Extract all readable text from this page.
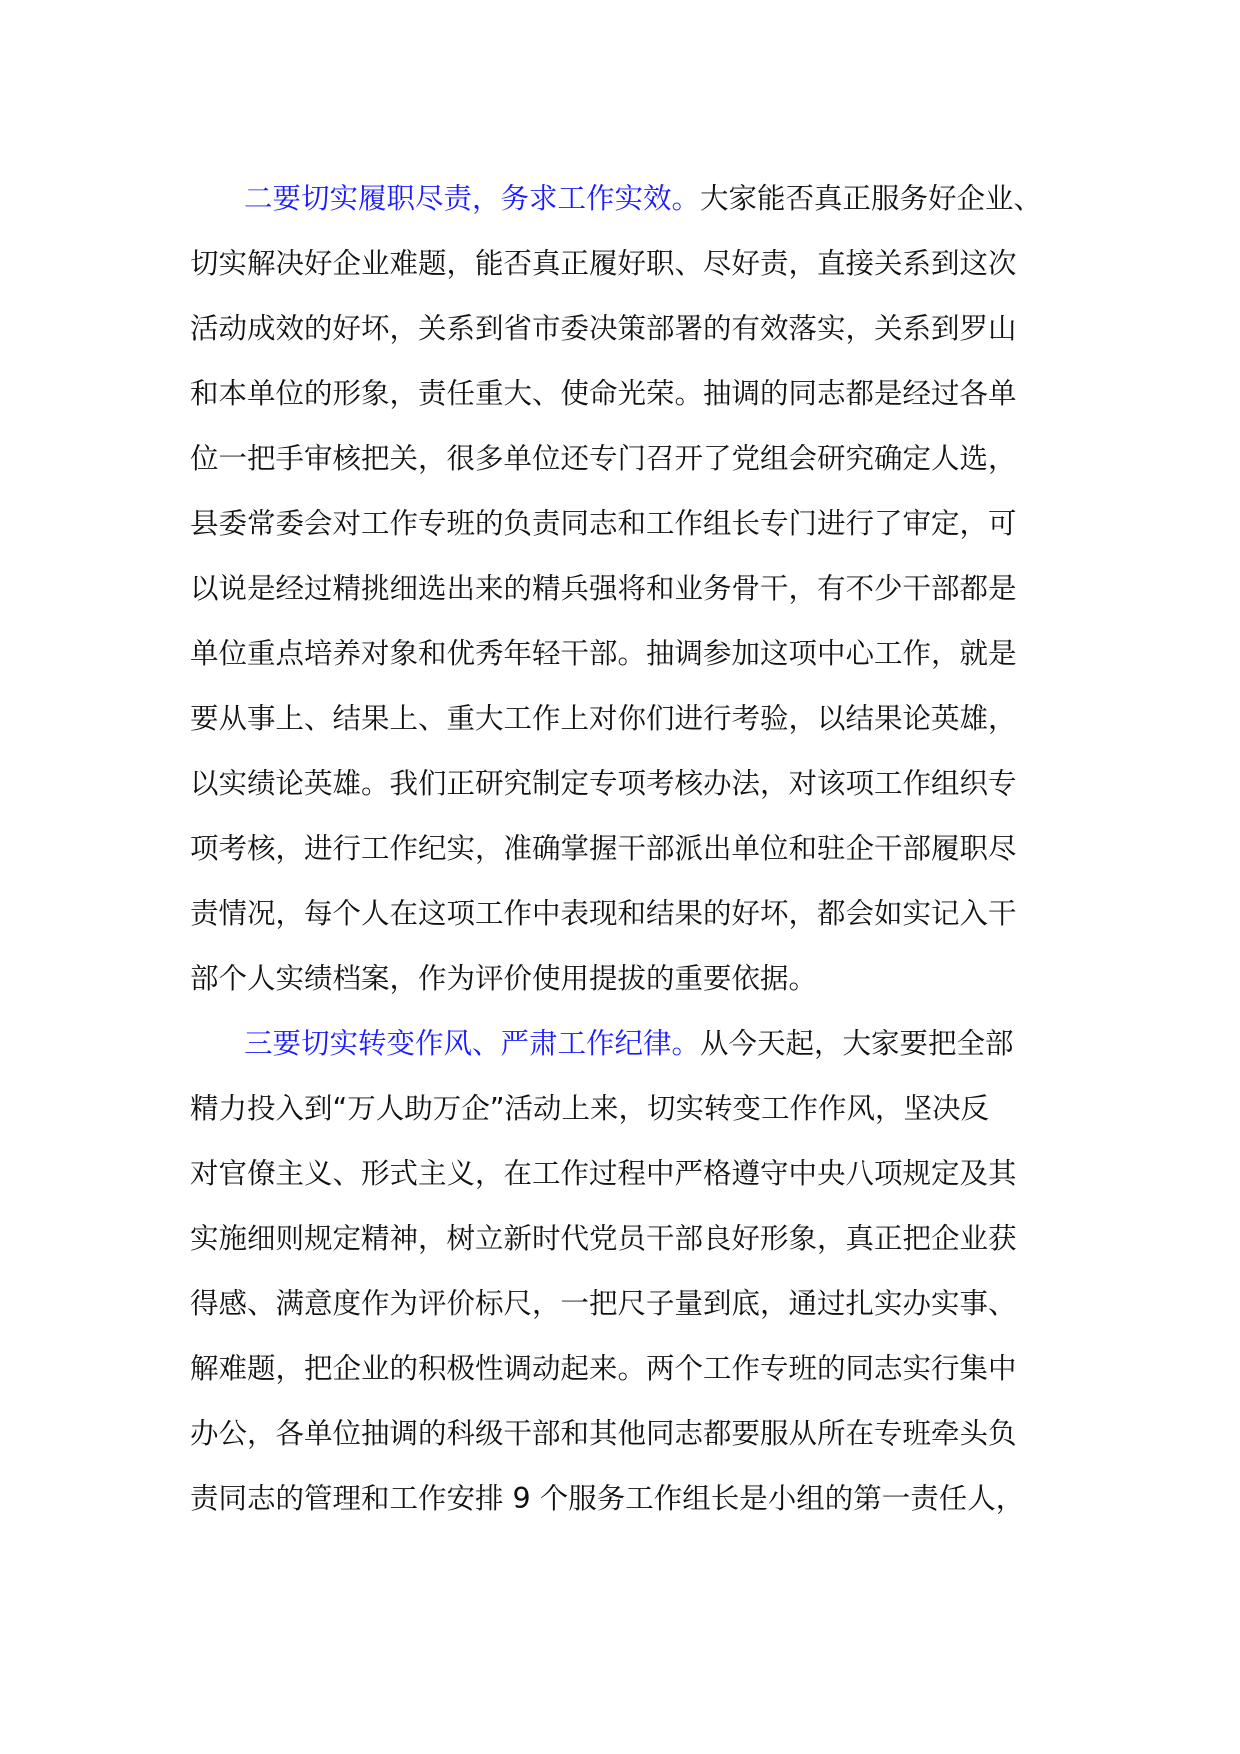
二要切实履职尽责，务求工作实效。大家能否真正服务好企业、
切实解决好企业难题，能否真正履好职、尽好责，直接关系到这次
活动成效的好坏，关系到省市委决策部署的有效落实，关系到罗山
和本单位的形象，责任重大、使命光荣。抽调的同志都是经过各单
位一把手审核把关，很多单位还专门召开了党组会研究确定人选，
县委常委会对工作专班的负责同志和工作组长专门进行了审定，可
以说是经过精挑细选出来的精兵强将和业务骨干，有不少干部都是
单位重点培养对象和优秀年轻干部。抽调参加这项中心工作，就是
要从事上、结果上、重大工作上对你们进行考验，以结果论英雄，
以实绩论英雄。我们正研究制定专项考核办法，对该项工作组织专
项考核，进行工作纪实，准确掌握干部派出单位和驻企干部履职尽
责情况，每个人在这项工作中表现和结果的好坏，都会如实记入干
部个人实绩档案，作为评价使用提拔的重要依据。
三要切实转变作风、严肃工作纪律。从今天起，大家要把全部
精力投入到“万人助万企”活动上来，切实转变工作作风，坚决反
对官僚主义、形式主义，在工作过程中严格遵守中央八项规定及其
实施细则规定精神，树立新时代党员干部良好形象，真正把企业获
得感、满意度作为评价标尺，一把尺子量到底，通过扎实办实事、
解难题，把企业的积极性调动起来。两个工作专班的同志实行集中
办公，各单位抽调的科级干部和其他同志都要服从所在专班牵头负
责同志的管理和工作安排 9 个服务工作组长是小组的第一责任人，
